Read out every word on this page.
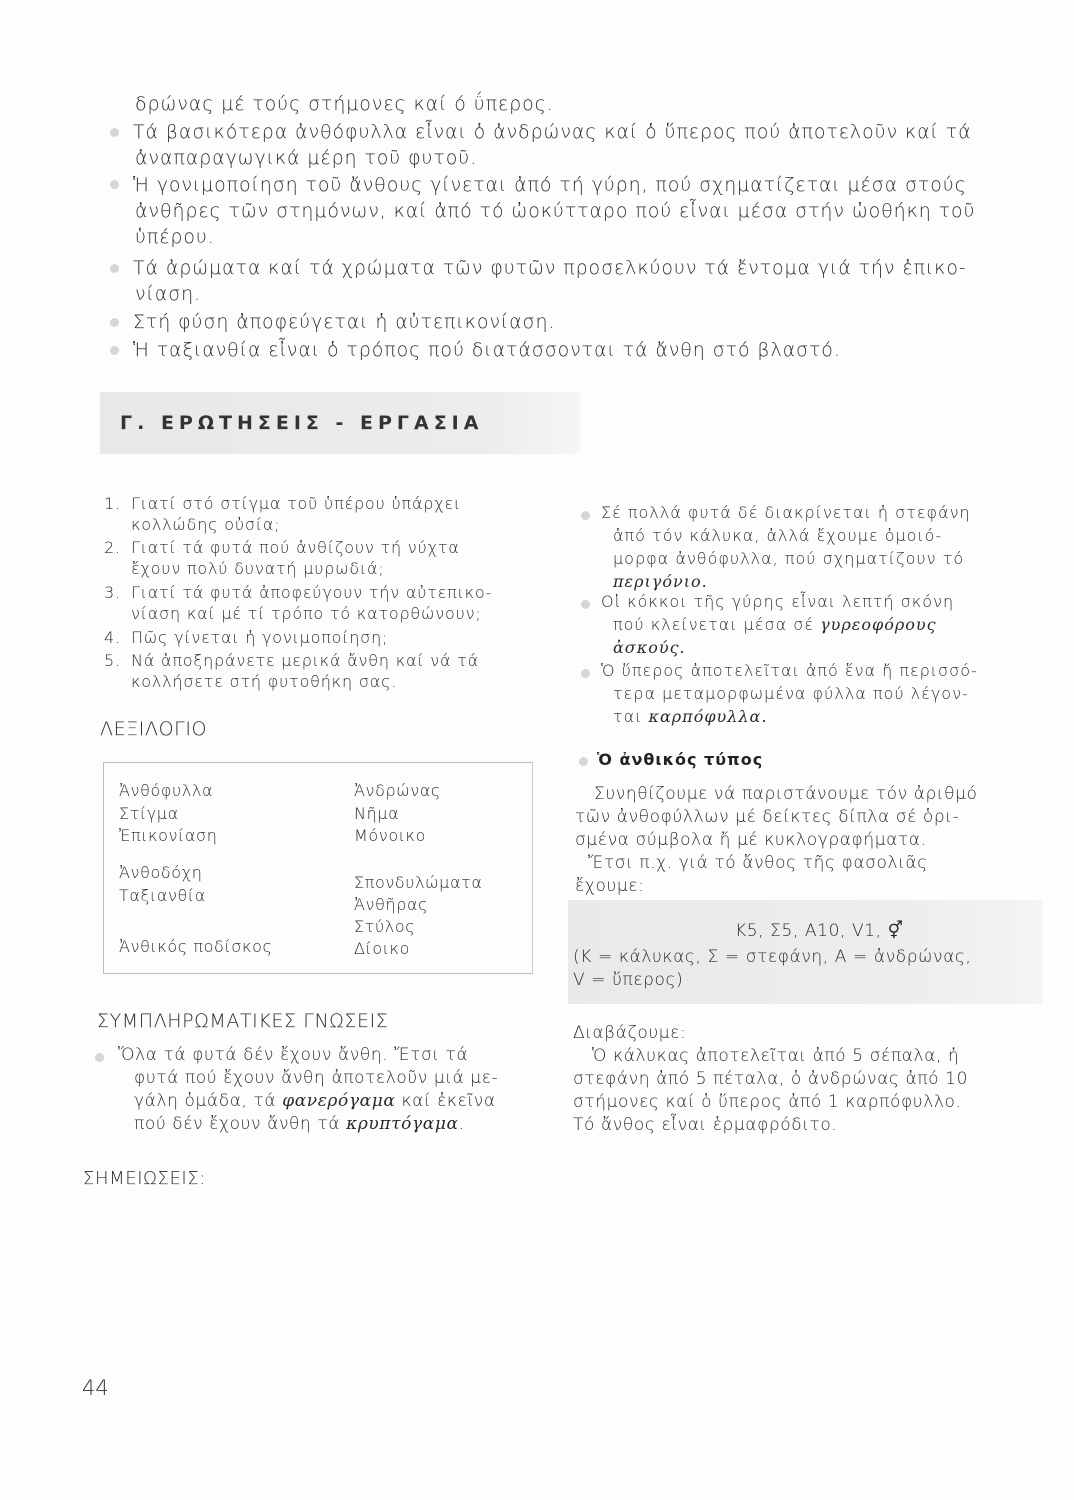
δρώνας μέ τούς στήμονες καί ό ΰπερος.
Τά βασικότερα ἀνθόφυλλα εἶναι ὁ ἀνδρώνας καί ὁ ὕπερος πού ἀποτελοῦν καί τά
ἀναπαραγωγικά μέρη τοῦ φυτοῦ.
Ἡ γονιμοποίηση τοῦ ἄνθους γίνεται ἀπό τή γύρη, πού σχηματίζεται μέσα στούς
ἀνθῆρες τῶν στημόνων, καί ἀπό τό ὠοκύτταρο πού εἶναι μέσα στήν ὠοθήκη τοῦ
ὑπέρου.
Τά ἀρώματα καί τά χρώματα τῶν φυτῶν προσελκύουν τά ἔντομα γιά τήν ἐπικο-
νίαση.
Στή φύση ἀποφεύγεται ἡ αὐτεπικονίαση.
Ἡ ταξιανθία εἶναι ὁ τρόπος πού διατάσσονται τά ἄνθη στό βλαστό.
Γ. ΕΡΩΤΗΣΕΙΣ - ΕΡΓΑΣΙΑ
1. Γιατί στό στίγμα τοῦ ὑπέρου ὑπάρχει
κολλώδης οὐσία;
2. Γιατί τά φυτά πού ἀνθίζουν τή νύχτα
ἔχουν πολύ δυνατή μυρωδιά;
3. Γιατί τά φυτά ἀποφεύγουν τήν αὐτεπικο-
νίαση καί μέ τί τρόπο τό κατορθώνουν;
4. Πῶς γίνεται ἡ γονιμοποίηση;
5. Νά ἀποξηράνετε μερικά ἄνθη καί νά τά
κολλήσετε στή φυτοθήκη σας.
ΛΕΞΙΛΟΓΙΟ
Ἀνθόφυλλα
Στίγμα
Ἐπικονίαση
Ἀνθοδόχη
Ταξιανθία
Ἀνθικός ποδίσκος
Ἀνδρώνας
Νῆμα
Μόνοικο
Σπονδυλώματα
Ἀνθῆρας
Στύλος
Δίοικο
ΣΥΜΠΛΗΡΩΜΑΤΙΚΕΣ ΓΝΩΣΕΙΣ
Ὅλα τά φυτά δέν ἔχουν ἄνθη. Ἔτσι τά
φυτά πού ἔχουν ἄνθη ἀποτελοῦν μιά με-
γάλη ὁμάδα, τά φανερόγαμα καί ἐκεῖνα
πού δέν ἔχουν ἄνθη τά κρυπτόγαμα.
ΣΗΜΕΙΩΣΕΙΣ:
Σέ πολλά φυτά δέ διακρίνεται ἡ στεφάνη
ἀπό τόν κάλυκα, ἀλλά ἔχουμε ὁμοιό-
μορφα ἀνθόφυλλα, πού σχηματίζουν τό
περιγόνιο.
Οἱ κόκκοι τῆς γύρης εἶναι λεπτή σκόνη
πού κλείνεται μέσα σέ γυρεοφόρους
ἀσκούς.
Ὁ ὕπερος ἀποτελεῖται ἀπό ἕνα ἤ περισσό-
τερα μεταμορφωμένα φύλλα πού λέγον-
ται καρπόφυλλα.
Ὁ ἀνθικός τύπος
Συνηθίζουμε νά παριστάνουμε τόν ἀριθμό
τῶν ἀνθοφύλλων μέ δείκτες δίπλα σέ ὁρι-
σμένα σύμβολα ἤ μέ κυκλογραφήματα.
Ἔτσι π.χ. γιά τό ἄνθος τῆς φασολιᾶς
ἔχουμε:
K5, Σ5, A10, V1, ⚥
(Κ = κάλυκας, Σ = στεφάνη, Α = ἀνδρώνας,
V = ὕπερος)
Διαβάζουμε:
Ὁ κάλυκας ἀποτελεῖται ἀπό 5 σέπαλα, ἡ
στεφάνη ἀπό 5 πέταλα, ὁ ἀνδρώνας ἀπό 10
στήμονες καί ὁ ὕπερος ἀπό 1 καρπόφυλλο.
Τό ἄνθος εἶναι ἑρμαφρόδιτο.
44
